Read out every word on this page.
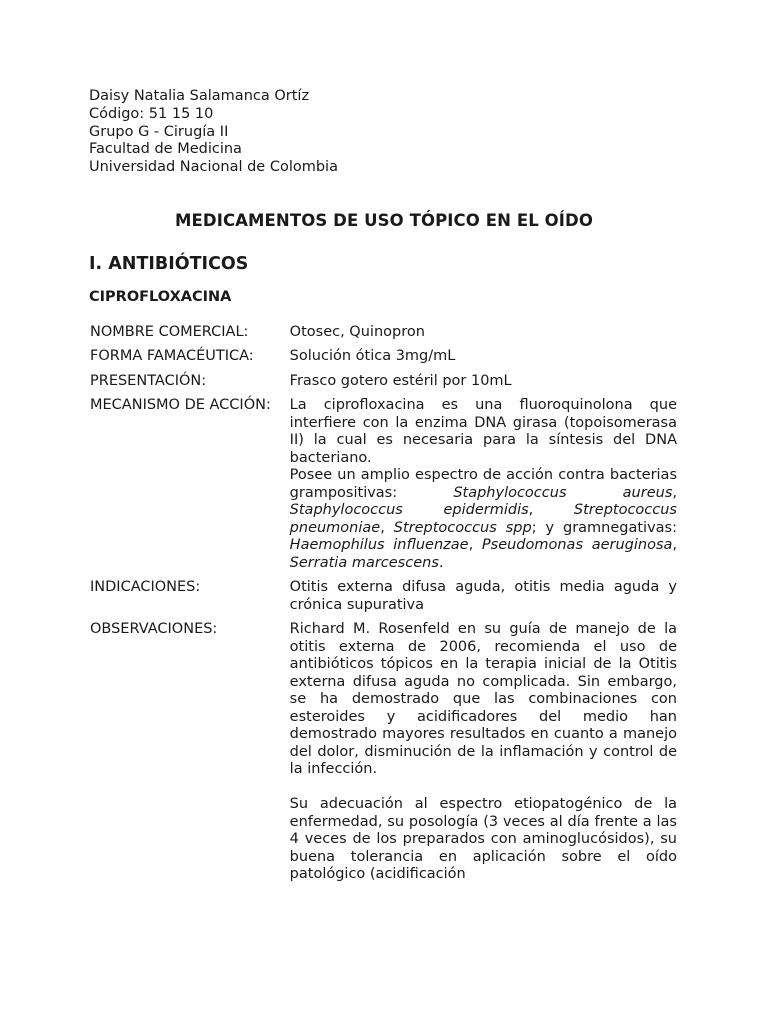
Daisy Natalia Salamanca Ortíz
Código: 51 15 10
Grupo G - Cirugía II
Facultad de Medicina
Universidad Nacional de Colombia
MEDICAMENTOS DE USO TÓPICO EN EL OÍDO
I. ANTIBIÓTICOS
CIPROFLOXACINA
NOMBRE COMERCIAL:	Otosec, Quinopron
FORMA FAMACÉUTICA:	Solución ótica 3mg/mL
PRESENTACIÓN:	Frasco gotero estéril por 10mL
MECANISMO DE ACCIÓN:	La ciprofloxacina es una fluoroquinolona que interfiere con la enzima DNA girasa (topoisomerasa II) la cual es necesaria para la síntesis del DNA bacteriano.
Posee un amplio espectro de acción contra bacterias grampositivas: Staphylococcus aureus, Staphylococcus epidermidis, Streptococcus pneumoniae, Streptococcus spp; y gramnegativas: Haemophilus influenzae, Pseudomonas aeruginosa, Serratia marcescens.

INDICACIONES:	Otitis externa difusa aguda, otitis media aguda y crónica supurativa
OBSERVACIONES:	Richard M. Rosenfeld en su guía de manejo de la otitis externa de 2006, recomienda el uso de antibióticos tópicos en la terapia inicial de la Otitis externa difusa aguda no complicada. Sin embargo, se ha demostrado que las combinaciones con esteroides y acidificadores del medio han demostrado mayores resultados en cuanto a manejo del dolor, disminución de la inflamación y control de la infección.
Su adecuación al espectro etiopatogénico de la enfermedad, su posología (3 veces al día frente a las 4 veces de los preparados con aminoglucósidos), su buena tolerancia en aplicación sobre el oído patológico (acidificación
